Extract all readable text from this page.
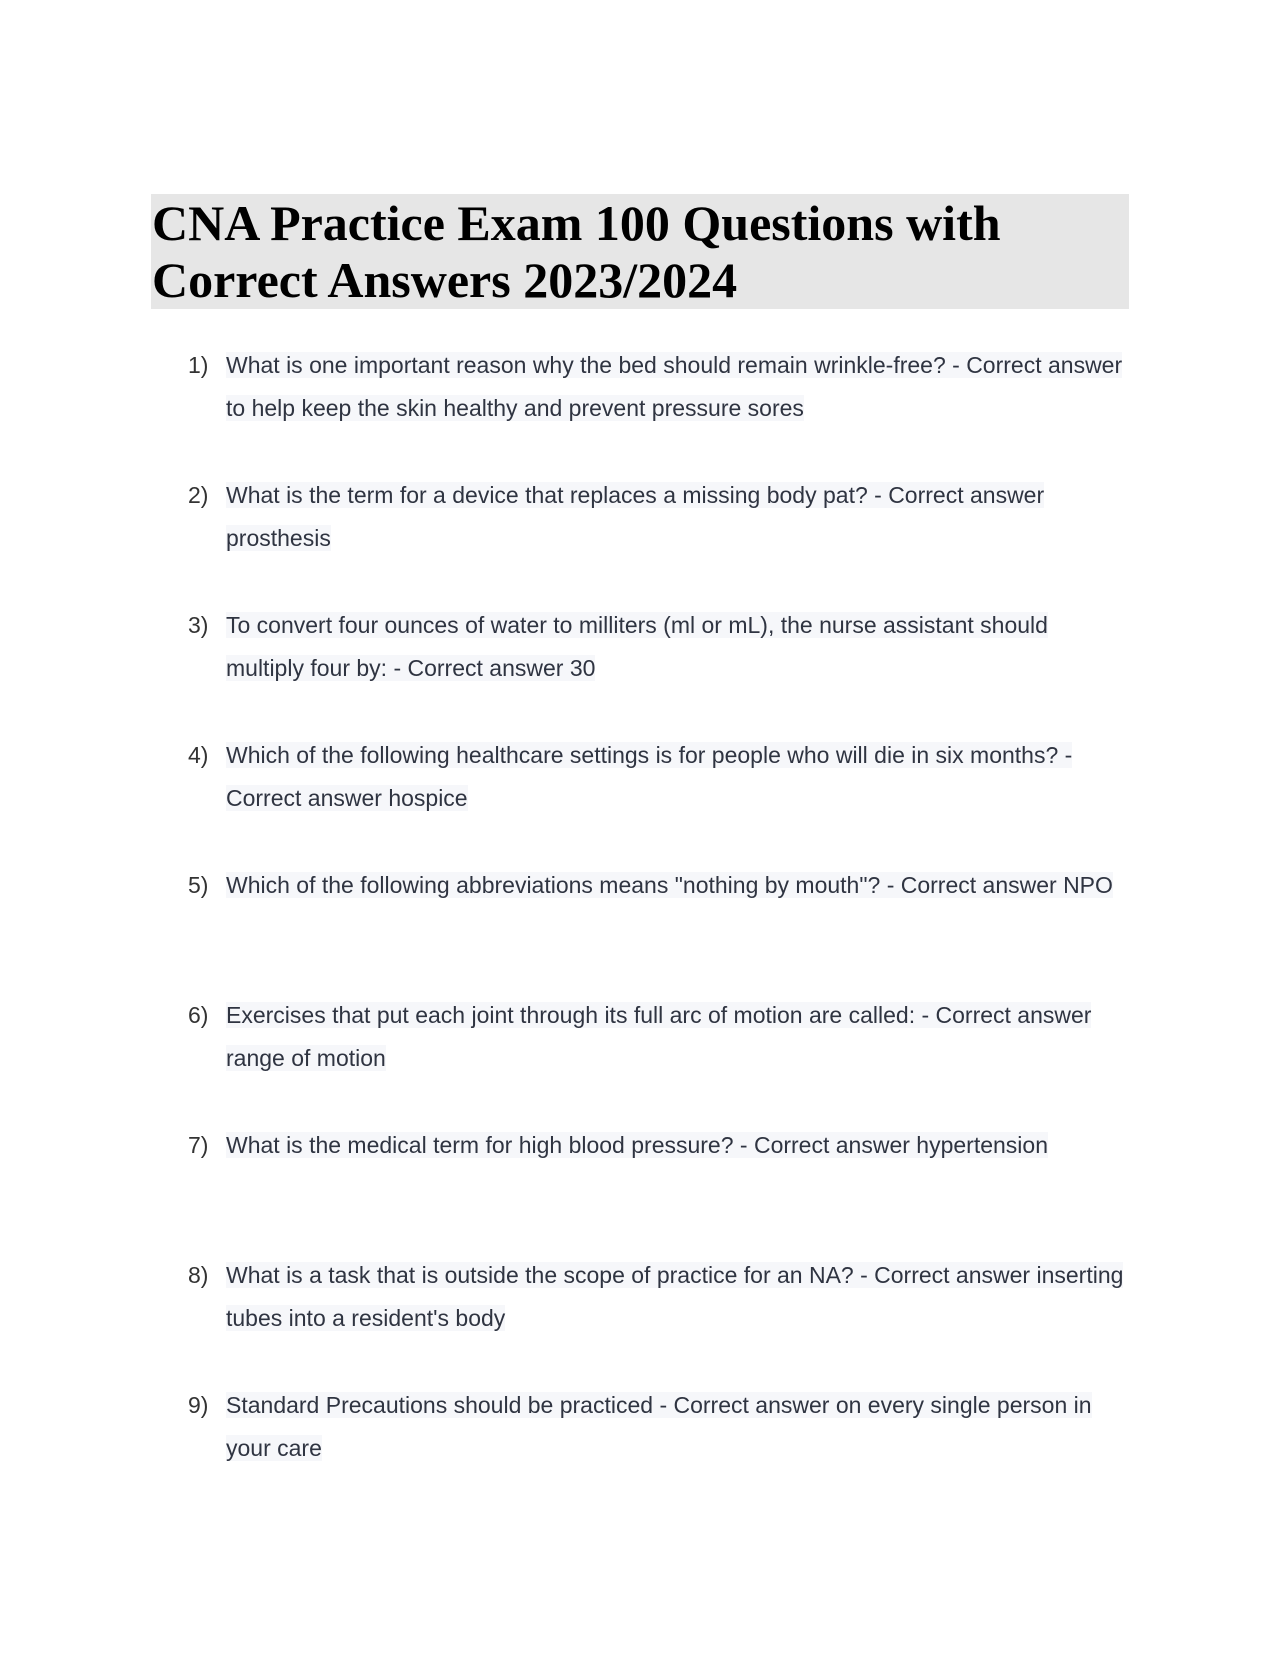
CNA Practice Exam 100 Questions with Correct Answers 2023/2024
1) What is one important reason why the bed should remain wrinkle-free? - Correct answer to help keep the skin healthy and prevent pressure sores
2) What is the term for a device that replaces a missing body pat? - Correct answer prosthesis
3) To convert four ounces of water to milliters (ml or mL), the nurse assistant should multiply four by: - Correct answer 30
4) Which of the following healthcare settings is for people who will die in six months? - Correct answer hospice
5) Which of the following abbreviations means "nothing by mouth"? - Correct answer NPO
6) Exercises that put each joint through its full arc of motion are called: - Correct answer range of motion
7) What is the medical term for high blood pressure? - Correct answer hypertension
8) What is a task that is outside the scope of practice for an NA? - Correct answer inserting tubes into a resident's body
9) Standard Precautions should be practiced - Correct answer on every single person in your care
